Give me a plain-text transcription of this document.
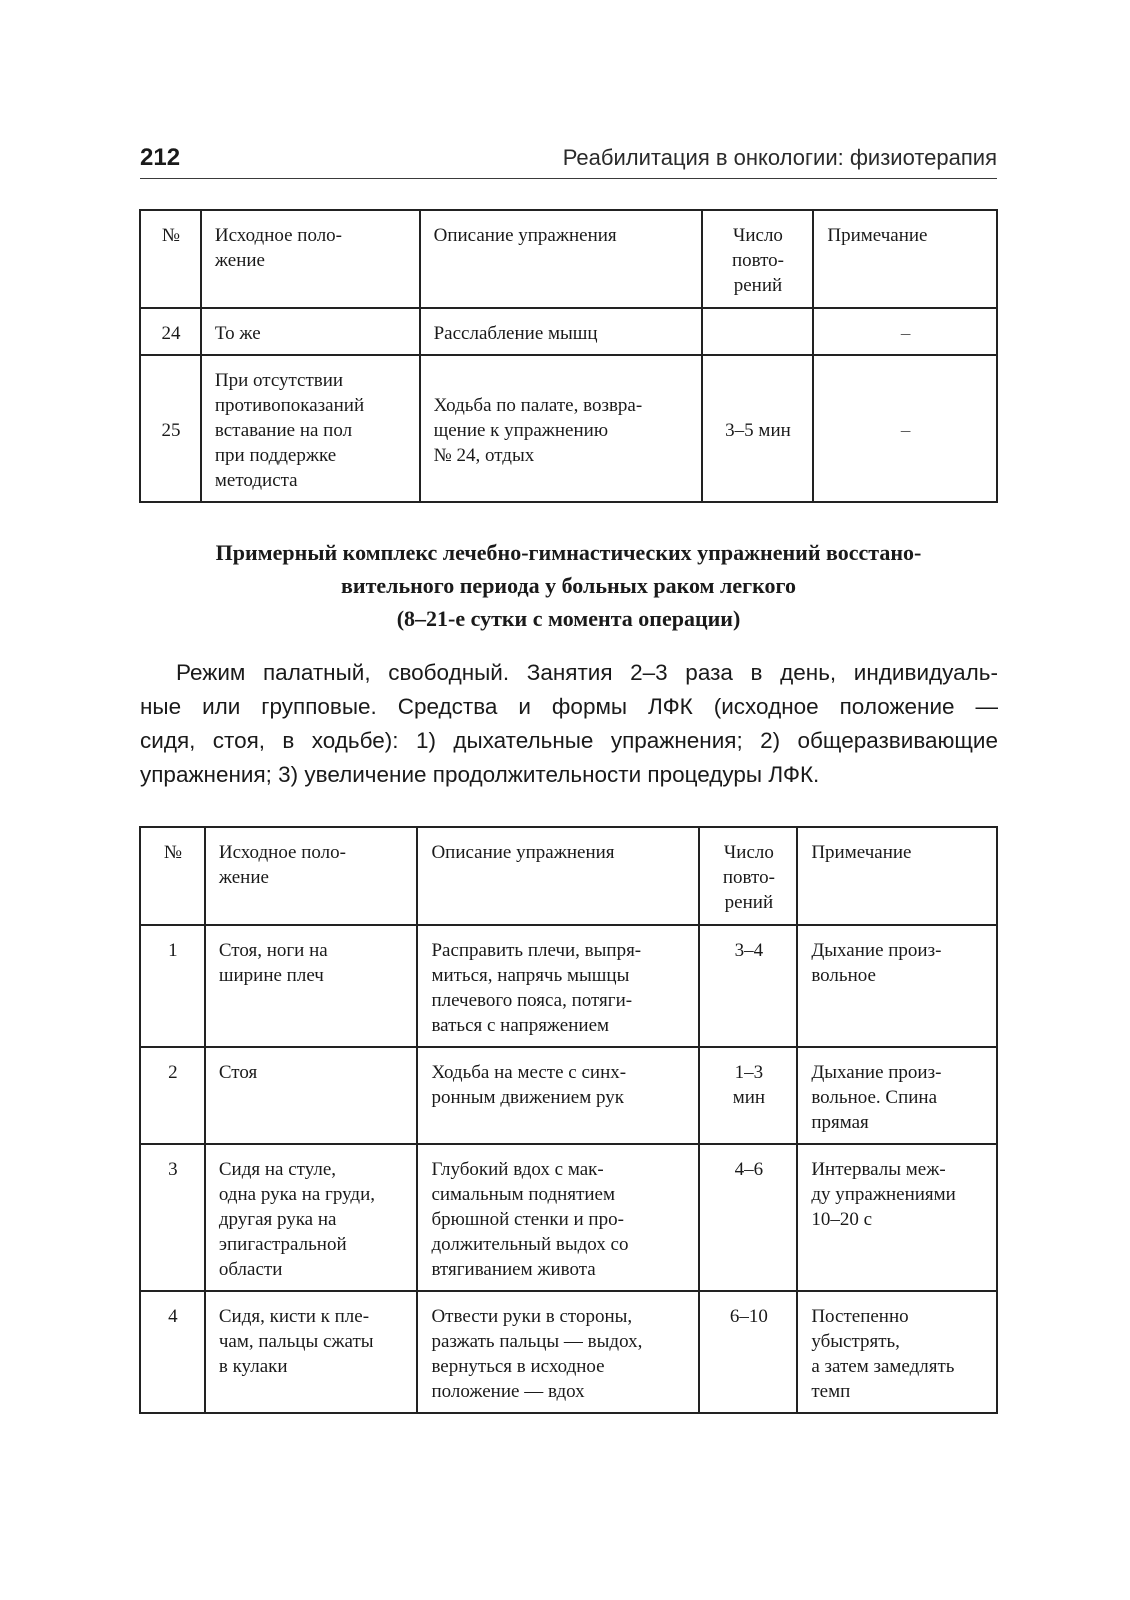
212	Реабилитация в онкологии: физиотерапия
№	Исходное поло-
жение	Описание упражнения	Число
повто-
рений	Примечание
24	То же	Расслабление мышц		–

25	При отсутствии
противопоказаний
вставание на пол
при поддержке
методиста	Ходьба по палате, возвра-
щение к упражнению
№ 24, отдых	3–5 мин	–
Примерный комплекс лечебно-гимнастических упражнений восстано-
вительного периода у больных раком легкого
(8–21-е сутки с момента операции)
Режим палатный, свободный. Занятия 2–3 раза в день, индивидуаль-
ные или групповые. Средства и формы ЛФК (исходное положение —
сидя, стоя, в ходьбе): 1) дыхательные упражнения; 2) общеразвивающие
упражнения; 3) увеличение продолжительности процедуры ЛФК.
№	Исходное поло-
жение	Описание упражнения	Число
повто-
рений	Примечание
1	Стоя, ноги на
ширине плеч	Расправить плечи, выпря-
миться, напрячь мышцы
плечевого пояса, потяги-
ваться с напряжением	3–4	Дыхание произ-
вольное

2	Стоя	Ходьба на месте с синх-
ронным движением рук	1–3
мин	Дыхание произ-
вольное. Спина
прямая

3	Сидя на стуле,
одна рука на груди,
другая рука на
эпигастральной
области	Глубокий вдох с мак-
симальным поднятием
брюшной стенки и про-
должительный выдох со
втягиванием живота	4–6	Интервалы меж-
ду упражнениями
10–20 с

4	Сидя, кисти к пле-
чам, пальцы сжаты
в кулаки	Отвести руки в стороны,
разжать пальцы — выдох,
вернуться в исходное
положение — вдох	6–10	Постепенно
убыстрять,
а затем замедлять
темп
